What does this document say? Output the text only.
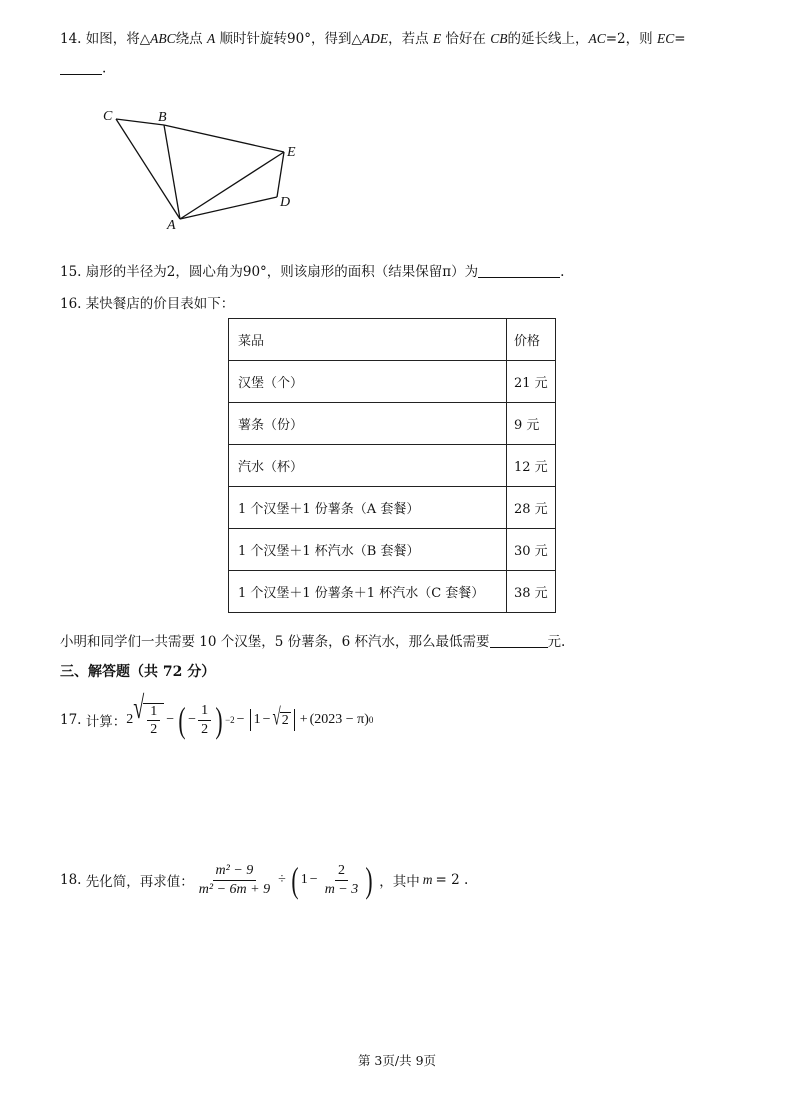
14. 如图，将△ABC绕点 A 顺时针旋转90°，得到△ADE，若点 E 恰好在 CB的延长线上，AC=2，则 EC=
.
C	B
E
D
A
15. 扇形的半径为2，圆心角为90°，则该扇形的面积（结果保留π）为	.
16. 某快餐店的价目表如下：
菜品	价格
汉堡（个）	21 元
薯条（份）	9 元
汽水（杯）	12 元
1 个汉堡＋1 份薯条（A 套餐）	28 元
1 个汉堡＋1 杯汽水（B 套餐）	30 元
1 个汉堡＋1 份薯条＋1 杯汽水（C 套餐）	38 元
小明和同学们一共需要 10 个汉堡，5 份薯条，6 杯汽水，那么最低需要	元.
三、解答题（共 72 分）
17.
计算： 2 √ $\frac{1}{2}$ − ( − $\frac{1}{2}$ ) −2 − 1 − √ 2 + (2023 − π) 0
18.
先化简，再求值： $\frac{\text{m² − 9}}{\text{m² − 6m + 9}}$ ÷ ( $1 - \frac{2}{m - 3}$ ) ，其中 m = 2 .
第 3页/共 9页
